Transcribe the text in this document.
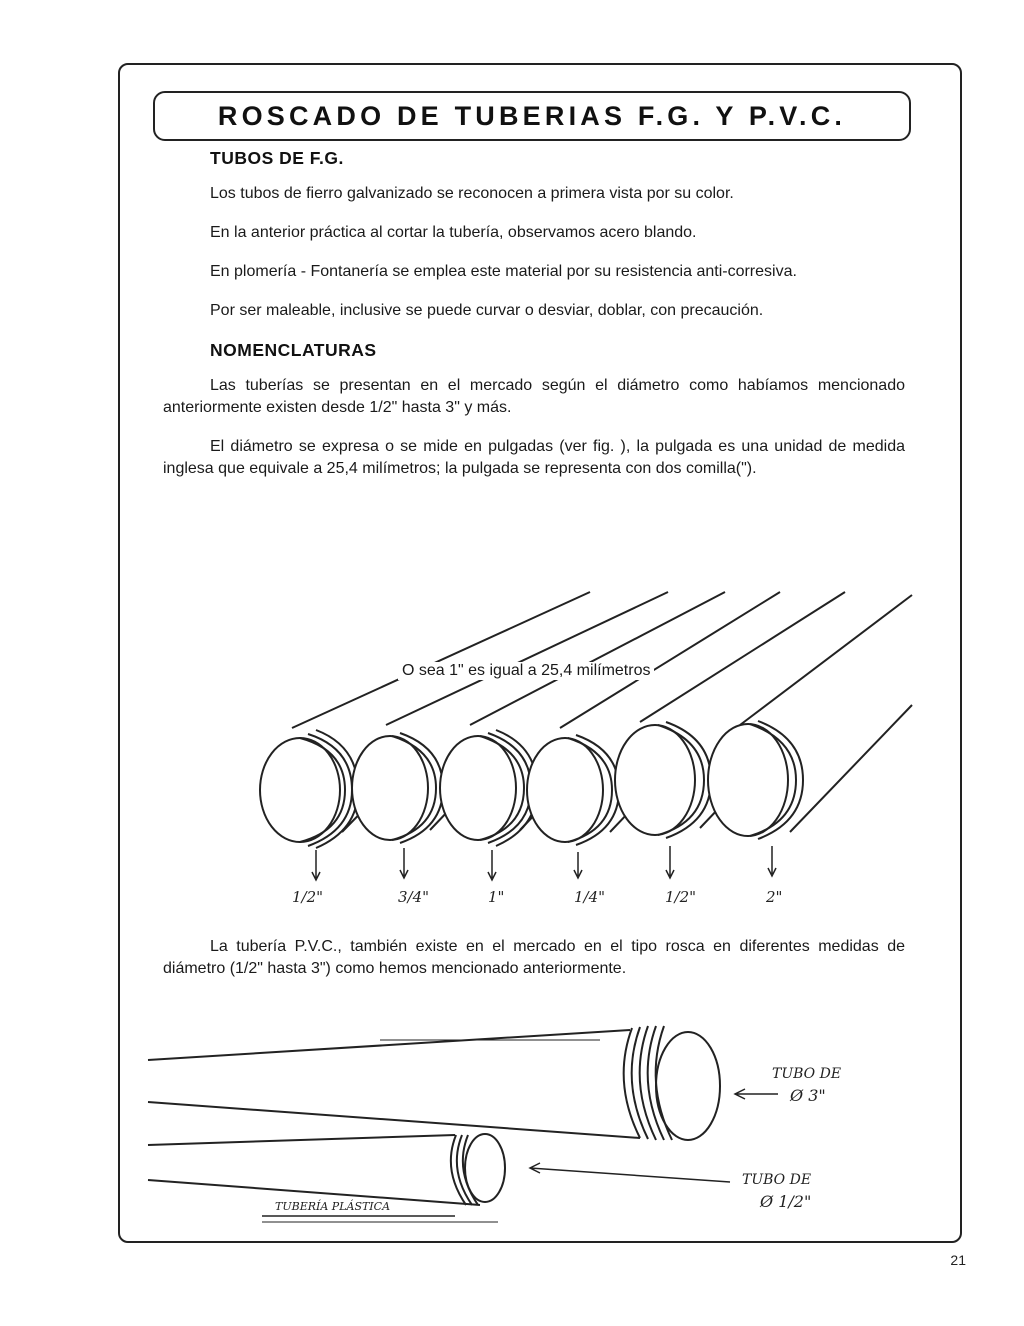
ROSCADO DE TUBERIAS F.G. Y P.V.C.
TUBOS DE F.G.

Los tubos de fierro galvanizado se reconocen a primera vista por su color.

En la anterior práctica al cortar la tubería, observamos acero blando.

En plomería - Fontanería se emplea este material por su resistencia anti-corresiva.

Por ser maleable, inclusive se puede curvar o desviar, doblar, con precaución.

NOMENCLATURAS

Las tuberías se presentan en el mercado según el diámetro como habíamos mencionado anteriormente existen desde 1/2" hasta 3" y más.

El diámetro se expresa o se mide en pulgadas (ver fig. ), la pulgada es una unidad de medida inglesa que equivale a 25,4 milímetros; la pulgada se representa con dos comilla(").

O sea 1" es igual a 25,4 milímetros
1/2"	3/4"	1"	1/4"	1/2"	2"

La tubería P.V.C., también existe en el mercado en el tipo rosca en diferentes medidas de diámetro (1/2" hasta 3") como hemos mencionado anteriormente.

TUBO DE
Ø 3"
TUBO DE
Ø 1/2"
TUBERÍA PLÁSTICA
21
